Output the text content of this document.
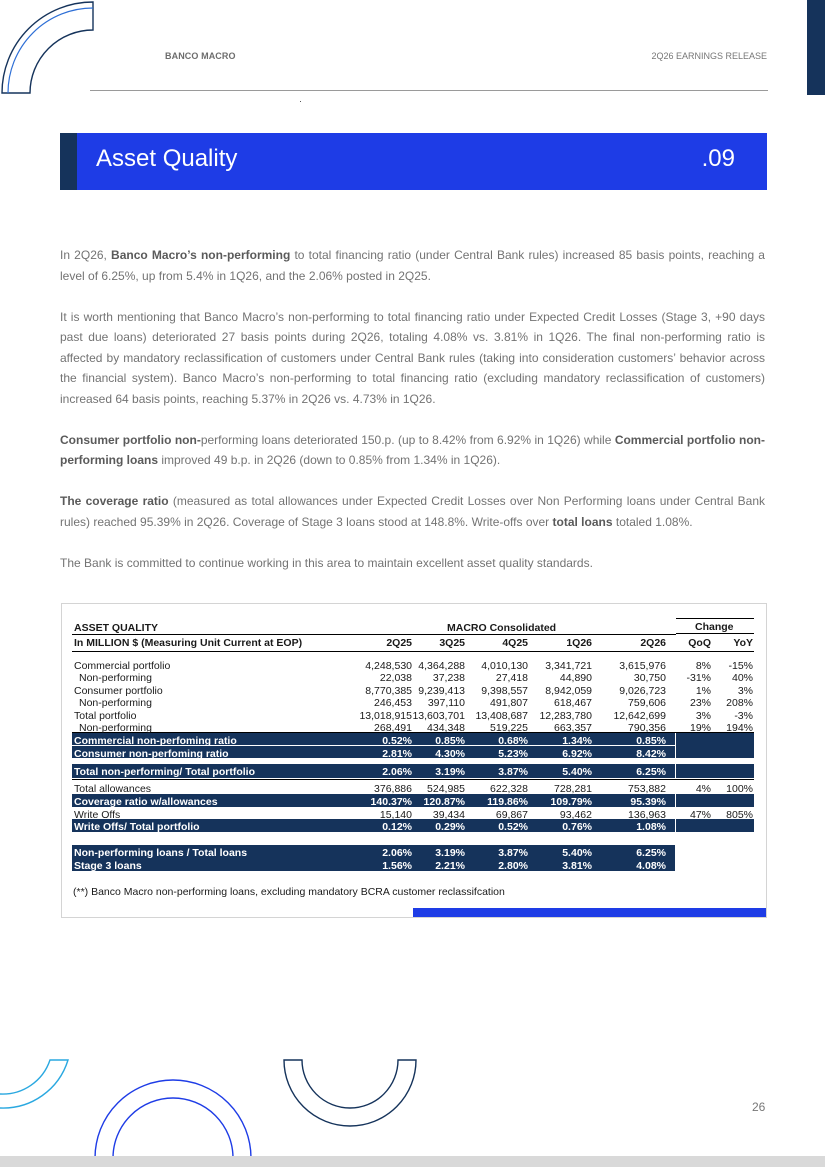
BANCO MACRO	2Q26 EARNINGS RELEASE
Asset Quality	.09

In 2Q26, Banco Macro’s non-performing to total financing ratio (under Central Bank rules) increased 85 basis points, reaching a level of 6.25%, up from 5.4% in 1Q26, and the 2.06% posted in 2Q25.

It is worth mentioning that Banco Macro’s non-performing to total financing ratio under Expected Credit Losses (Stage 3, +90 days past due loans) deteriorated 27 basis points during 2Q26, totaling 4.08% vs. 3.81% in 1Q26. The final non-performing ratio is affected by mandatory reclassification of customers under Central Bank rules (taking into consideration customers’ behavior across the financial system). Banco Macro’s non-performing to total financing ratio (excluding mandatory reclassification of customers) increased 64 basis points, reaching 5.37% in 2Q26 vs. 4.73% in 1Q26.

Consumer portfolio non-performing loans deteriorated 150.p. (up to 8.42% from 6.92% in 1Q26) while Commercial portfolio non-performing loans improved 49 b.p. in 2Q26 (down to 0.85% from 1.34% in 1Q26).

The coverage ratio (measured as total allowances under Expected Credit Losses over Non Performing loans under Central Bank rules) reached 95.39% in 2Q26. Coverage of Stage 3 loans stood at 148.8%. Write-offs over total loans totaled 1.08%.

The Bank is committed to continue working in this area to maintain excellent asset quality standards.

ASSET QUALITY	MACRO Consolidated	Change
In MILLION $ (Measuring Unit Current at EOP)	2Q25	3Q25	4Q25	1Q26	2Q26 QoQ YoY
Commercial portfolio	4,248,530 4,364,288 4,010,130 3,341,721	3,615,976	8% -15%
Non-performing	22,038 37,238	27,418	44,890	30,750 -31% 40%
Consumer portfolio	8,770,385 9,239,413 9,398,557 8,942,059	9,026,723	1%	3%
Non-performing	246,453 397,110 491,807 618,467	759,606 23% 208%
Total portfolio	13,018,915 13,603,701 13,408,687 12,283,780 12,642,699	3% -3%
Non-performing	268,491 434,348 519,225 663,357	790,356 19% 194%
Commercial non-perfoming ratio	0.52% 0.85%	0.68%	1.34%	0.85%
Consumer non-perfoming ratio	2.81% 4.30%	5.23%	6.92%	8.42%
Total non-performing/ Total portfolio	2.06% 3.19%	3.87%	5.40%	6.25%
Total allowances	376,886 524,985 622,328 728,281	753,882	4% 100%
Coverage ratio w/allowances	140.37% 120.87% 119.86% 109.79%	95.39%
Write Offs	15,140 39,434	69,867	93,462	136,963 47% 805%
Write Offs/ Total portfolio	0.12% 0.29%	0.52%	0.76%	1.08%
Non-performing loans / Total loans	2.06% 3.19%	3.87%	5.40%	6.25%
Stage 3 loans	1.56% 2.21%	2.80%	3.81%	4.08%
(**) Banco Macro non-performing loans, excluding mandatory BCRA customer reclassifcation
26
